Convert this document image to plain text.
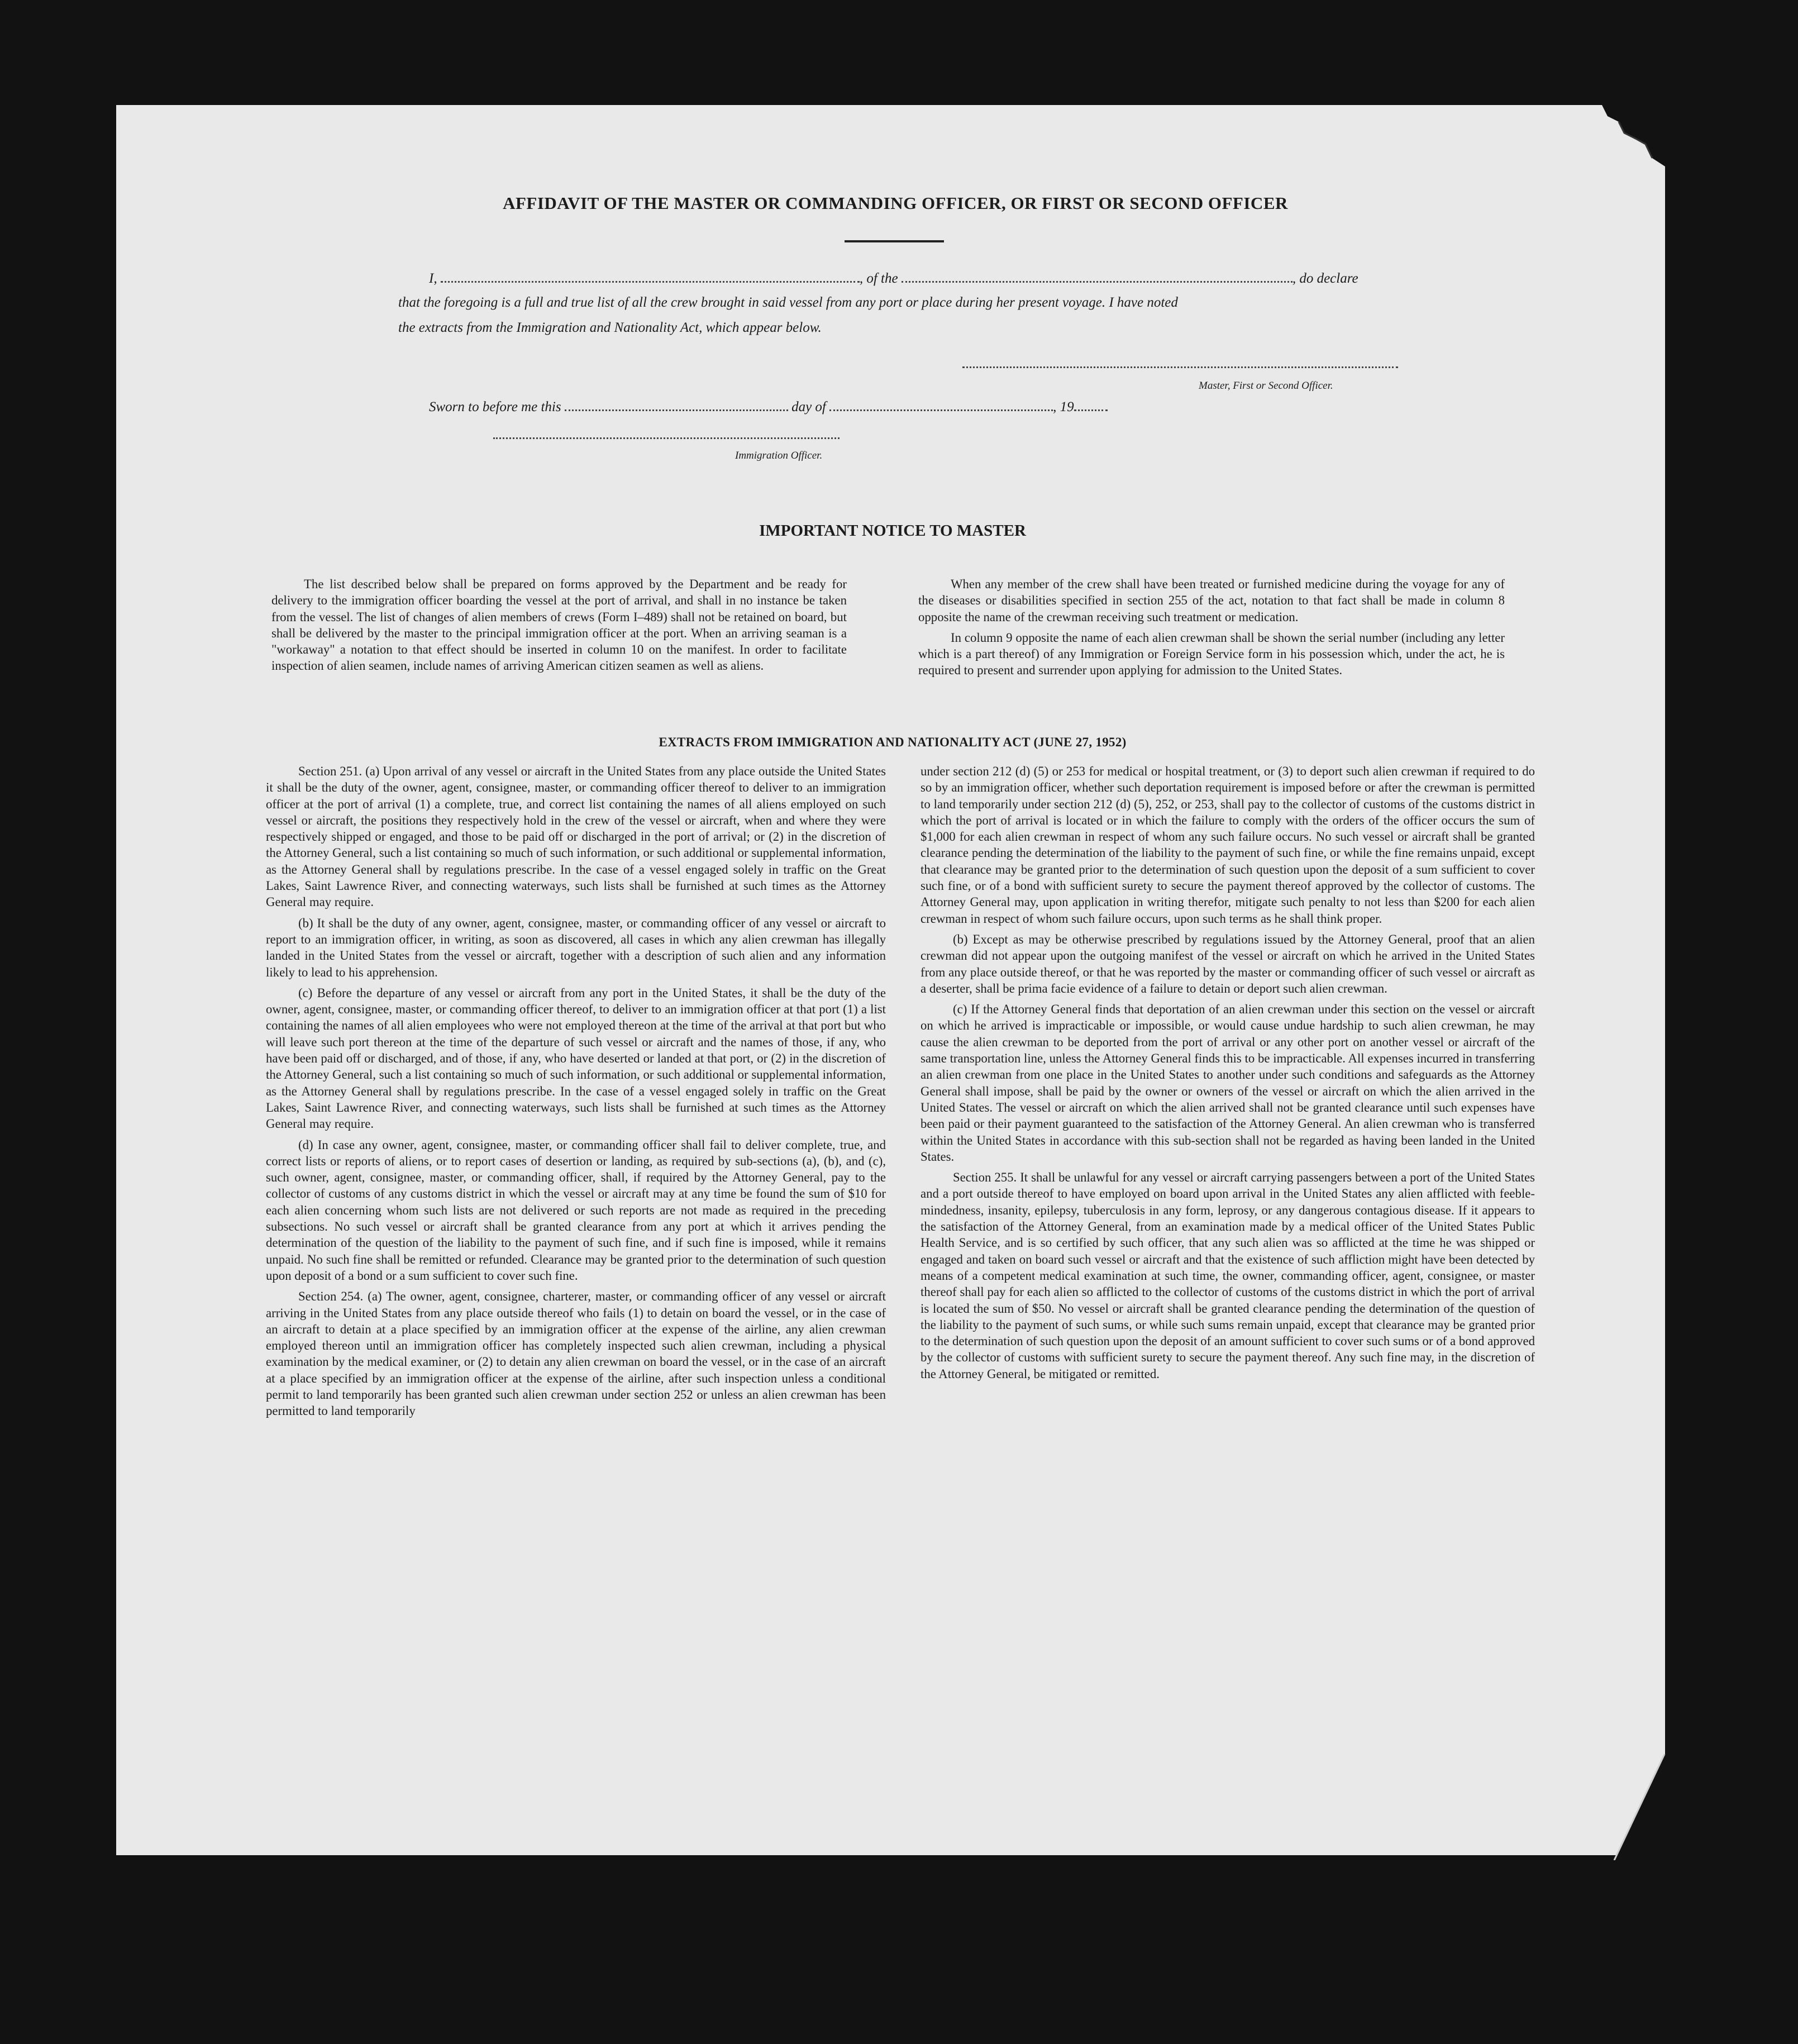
AFFIDAVIT OF THE MASTER OR COMMANDING OFFICER, OR FIRST OR SECOND OFFICER
I,	, of the	, do declare
that the foregoing is a full and true list of all the crew brought in said vessel from any port or place during her present voyage. I have noted
the extracts from the Immigration and Nationality Act, which appear below.
Master, First or Second Officer.
Sworn to before me this	day of	, 19
Immigration Officer.
IMPORTANT NOTICE TO MASTER

The list described below shall be prepared on forms approved by the Department and be ready for delivery to the immigration officer boarding the vessel at the port of arrival, and shall in no instance be taken from the vessel. The list of changes of alien members of crews (Form I–489) shall not be retained on board, but shall be delivered by the master to the principal immigration officer at the port. When an arriving seaman is a "workaway" a notation to that effect should be inserted in column 10 on the manifest. In order to facilitate inspection of alien seamen, include names of arriving American citizen seamen as well as aliens.

When any member of the crew shall have been treated or furnished medicine during the voyage for any of the diseases or disabilities specified in section 255 of the act, notation to that fact shall be made in column 8 opposite the name of the crewman receiving such treatment or medication.

In column 9 opposite the name of each alien crewman shall be shown the serial number (including any letter which is a part thereof) of any Immigration or Foreign Service form in his possession which, under the act, he is required to present and surrender upon applying for admission to the United States.

EXTRACTS FROM IMMIGRATION AND NATIONALITY ACT (JUNE 27, 1952)

Section 251. (a) Upon arrival of any vessel or aircraft in the United States from any place outside the United States it shall be the duty of the owner, agent, consignee, master, or commanding officer thereof to deliver to an immigration officer at the port of arrival (1) a complete, true, and correct list containing the names of all aliens employed on such vessel or aircraft, the positions they respectively hold in the crew of the vessel or aircraft, when and where they were respectively shipped or engaged, and those to be paid off or discharged in the port of arrival; or (2) in the discretion of the Attorney General, such a list containing so much of such information, or such additional or supplemental information, as the Attorney General shall by regulations prescribe. In the case of a vessel engaged solely in traffic on the Great Lakes, Saint Lawrence River, and connecting waterways, such lists shall be furnished at such times as the Attorney General may require.

(b) It shall be the duty of any owner, agent, consignee, master, or commanding officer of any vessel or aircraft to report to an immigration officer, in writing, as soon as discovered, all cases in which any alien crewman has illegally landed in the United States from the vessel or aircraft, together with a description of such alien and any information likely to lead to his apprehension.

(c) Before the departure of any vessel or aircraft from any port in the United States, it shall be the duty of the owner, agent, consignee, master, or commanding officer thereof, to deliver to an immigration officer at that port (1) a list containing the names of all alien employees who were not employed thereon at the time of the arrival at that port but who will leave such port thereon at the time of the departure of such vessel or aircraft and the names of those, if any, who have been paid off or discharged, and of those, if any, who have deserted or landed at that port, or (2) in the discretion of the Attorney General, such a list containing so much of such information, or such additional or supplemental information, as the Attorney General shall by regulations prescribe. In the case of a vessel engaged solely in traffic on the Great Lakes, Saint Lawrence River, and connecting waterways, such lists shall be furnished at such times as the Attorney General may require.

(d) In case any owner, agent, consignee, master, or commanding officer shall fail to deliver complete, true, and correct lists or reports of aliens, or to report cases of desertion or landing, as required by sub-sections (a), (b), and (c), such owner, agent, consignee, master, or commanding officer, shall, if required by the Attorney General, pay to the collector of customs of any customs district in which the vessel or aircraft may at any time be found the sum of $10 for each alien concerning whom such lists are not delivered or such reports are not made as required in the preceding subsections. No such vessel or aircraft shall be granted clearance from any port at which it arrives pending the determination of the question of the liability to the payment of such fine, and if such fine is imposed, while it remains unpaid. No such fine shall be remitted or refunded. Clearance may be granted prior to the determination of such question upon deposit of a bond or a sum sufficient to cover such fine.

Section 254. (a) The owner, agent, consignee, charterer, master, or commanding officer of any vessel or aircraft arriving in the United States from any place outside thereof who fails (1) to detain on board the vessel, or in the case of an aircraft to detain at a place specified by an immigration officer at the expense of the airline, any alien crewman employed thereon until an immigration officer has completely inspected such alien crewman, including a physical examination by the medical examiner, or (2) to detain any alien crewman on board the vessel, or in the case of an aircraft at a place specified by an immigration officer at the expense of the airline, after such inspection unless a conditional permit to land temporarily has been granted such alien crewman under section 252 or unless an alien crewman has been permitted to land temporarily

under section 212 (d) (5) or 253 for medical or hospital treatment, or (3) to deport such alien crewman if required to do so by an immigration officer, whether such deportation requirement is imposed before or after the crewman is permitted to land temporarily under section 212 (d) (5), 252, or 253, shall pay to the collector of customs of the customs district in which the port of arrival is located or in which the failure to comply with the orders of the officer occurs the sum of $1,000 for each alien crewman in respect of whom any such failure occurs. No such vessel or aircraft shall be granted clearance pending the determination of the liability to the payment of such fine, or while the fine remains unpaid, except that clearance may be granted prior to the determination of such question upon the deposit of a sum sufficient to cover such fine, or of a bond with sufficient surety to secure the payment thereof approved by the collector of customs. The Attorney General may, upon application in writing therefor, mitigate such penalty to not less than $200 for each alien crewman in respect of whom such failure occurs, upon such terms as he shall think proper.

(b) Except as may be otherwise prescribed by regulations issued by the Attorney General, proof that an alien crewman did not appear upon the outgoing manifest of the vessel or aircraft on which he arrived in the United States from any place outside thereof, or that he was reported by the master or commanding officer of such vessel or aircraft as a deserter, shall be prima facie evidence of a failure to detain or deport such alien crewman.

(c) If the Attorney General finds that deportation of an alien crewman under this section on the vessel or aircraft on which he arrived is impracticable or impossible, or would cause undue hardship to such alien crewman, he may cause the alien crewman to be deported from the port of arrival or any other port on another vessel or aircraft of the same transportation line, unless the Attorney General finds this to be impracticable. All expenses incurred in transferring an alien crewman from one place in the United States to another under such conditions and safeguards as the Attorney General shall impose, shall be paid by the owner or owners of the vessel or aircraft on which the alien arrived in the United States. The vessel or aircraft on which the alien arrived shall not be granted clearance until such expenses have been paid or their payment guaranteed to the satisfaction of the Attorney General. An alien crewman who is transferred within the United States in accordance with this sub-section shall not be regarded as having been landed in the United States.

Section 255. It shall be unlawful for any vessel or aircraft carrying passengers between a port of the United States and a port outside thereof to have employed on board upon arrival in the United States any alien afflicted with feeble-mindedness, insanity, epilepsy, tuberculosis in any form, leprosy, or any dangerous contagious disease. If it appears to the satisfaction of the Attorney General, from an examination made by a medical officer of the United States Public Health Service, and is so certified by such officer, that any such alien was so afflicted at the time he was shipped or engaged and taken on board such vessel or aircraft and that the existence of such affliction might have been detected by means of a competent medical examination at such time, the owner, commanding officer, agent, consignee, or master thereof shall pay for each alien so afflicted to the collector of customs of the customs district in which the port of arrival is located the sum of $50. No vessel or aircraft shall be granted clearance pending the determination of the question of the liability to the payment of such sums, or while such sums remain unpaid, except that clearance may be granted prior to the determination of such question upon the deposit of an amount sufficient to cover such sums or of a bond approved by the collector of customs with sufficient surety to secure the payment thereof. Any such fine may, in the discretion of the Attorney General, be mitigated or remitted.
